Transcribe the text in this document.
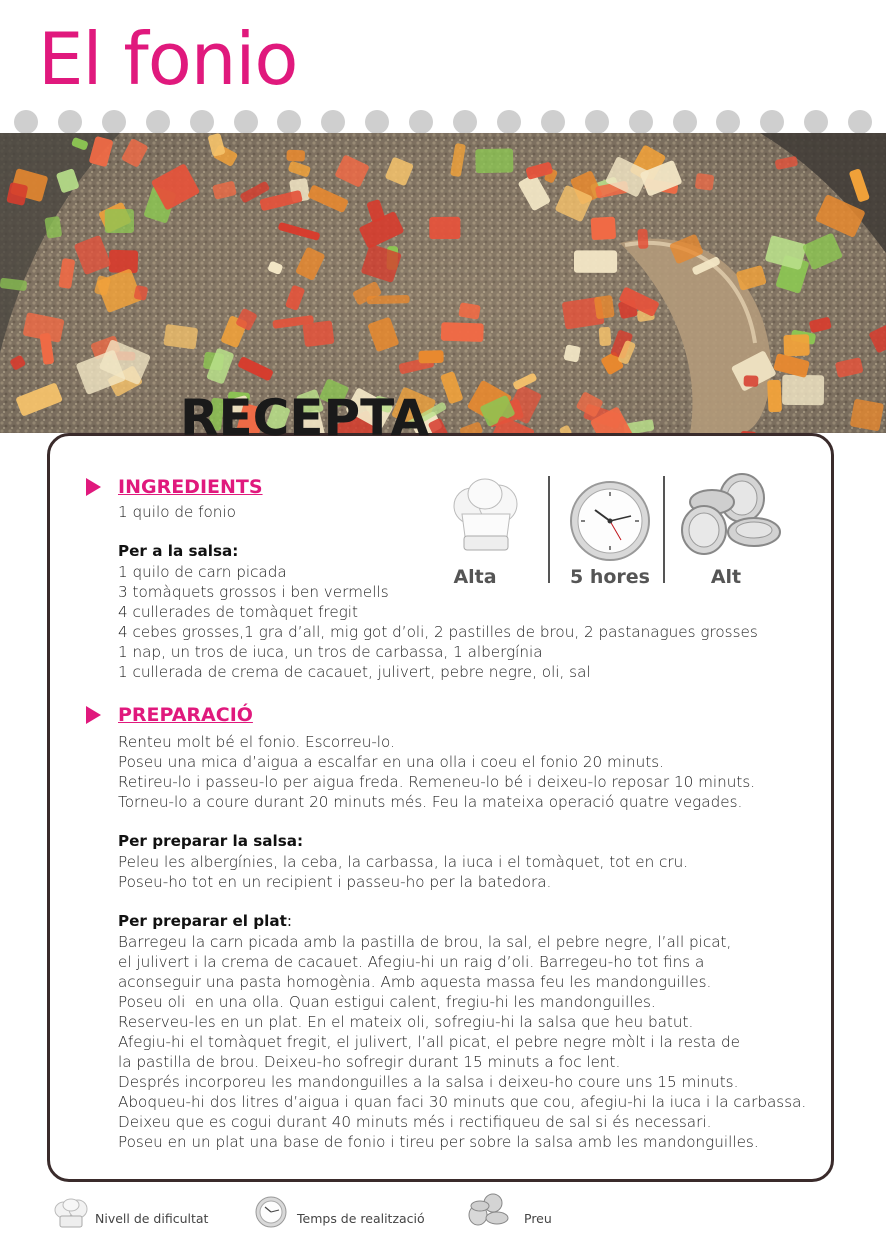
El fonio
RECEPTA
INGREDIENTS
1 quilo de fonio
Per a la salsa:
1 quilo de carn picada
3 tomàquets grossos i ben vermells
4 cullerades de tomàquet fregit
4 cebes grosses,1 gra d’all, mig got d’oli, 2 pastilles de brou, 2 pastanagues grosses
1 nap, un tros de iuca, un tros de carbassa, 1 albergínia
1 cullerada de crema de cacauet, julivert, pebre negre, oli, sal
Alta	5 hores	Alt
PREPARACIÓ
Renteu molt bé el fonio. Escorreu-lo.
Poseu una mica d’aigua a escalfar en una olla i coeu el fonio 20 minuts.
Retireu-lo i passeu-lo per aigua freda. Remeneu-lo bé i deixeu-lo reposar 10 minuts.
Torneu-lo a coure durant 20 minuts més. Feu la mateixa operació quatre vegades.
Per preparar la salsa:
Peleu les albergínies, la ceba, la carbassa, la iuca i el tomàquet, tot en cru.
Poseu-ho tot en un recipient i passeu-ho per la batedora.
Per preparar el plat:
Barregeu la carn picada amb la pastilla de brou, la sal, el pebre negre, l’all picat,
el julivert i la crema de cacauet. Afegiu-hi un raig d’oli. Barregeu-ho tot fins a
aconseguir una pasta homogènia. Amb aquesta massa feu les mandonguilles.
Poseu oli  en una olla. Quan estigui calent, fregiu-hi les mandonguilles.
Reserveu-les en un plat. En el mateix oli, sofregiu-hi la salsa que heu batut.
Afegiu-hi el tomàquet fregit, el julivert, l’all picat, el pebre negre mòlt i la resta de
la pastilla de brou. Deixeu-ho sofregir durant 15 minuts a foc lent.
Després incorporeu les mandonguilles a la salsa i deixeu-ho coure uns 15 minuts.
Aboqueu-hi dos litres d’aigua i quan faci 30 minuts que cou, afegiu-hi la iuca i la carbassa.
Deixeu que es cogui durant 40 minuts més i rectifiqueu de sal si és necessari.
Poseu en un plat una base de fonio i tireu per sobre la salsa amb les mandonguilles.
Nivell de dificultat	Temps de realització	Preu
